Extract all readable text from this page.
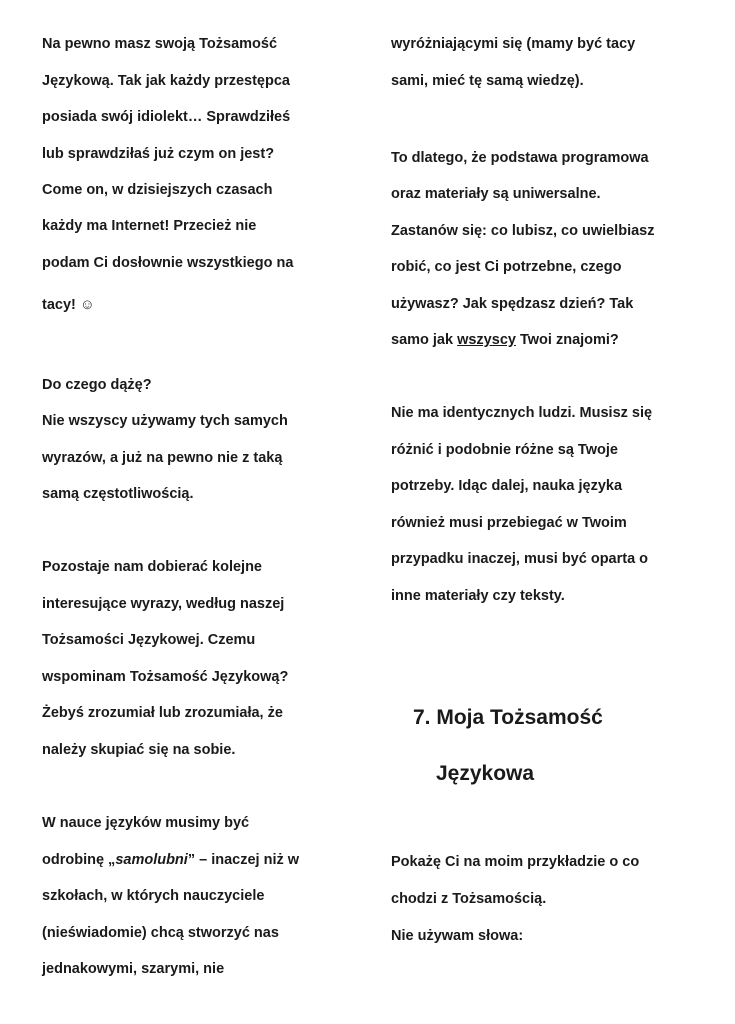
Na pewno masz swoją Tożsamość
Językową. Tak jak każdy przestępca
posiada swój idiolekt… Sprawdziłeś
lub sprawdziłaś już czym on jest?
Come on, w dzisiejszych czasach
każdy ma Internet! Przecież nie
podam Ci dosłownie wszystkiego na
tacy! ☺
Do czego dążę?
Nie wszyscy używamy tych samych
wyrazów, a już na pewno nie z taką
samą częstotliwością.
Pozostaje nam dobierać kolejne
interesujące wyrazy, według naszej
Tożsamości Językowej. Czemu
wspominam Tożsamość Językową?
Żebyś zrozumiał lub zrozumiała, że
należy skupiać się na sobie.
W nauce języków musimy być
odrobinę „samolubni” – inaczej niż w
szkołach, w których nauczyciele
(nieświadomie) chcą stworzyć nas
jednakowymi, szarymi, nie
wyróżniającymi się (mamy być tacy
sami, mieć tę samą wiedzę).
To dlatego, że podstawa programowa
oraz materiały są uniwersalne.
Zastanów się: co lubisz, co uwielbiasz
robić, co jest Ci potrzebne, czego
używasz? Jak spędzasz dzień? Tak
samo jak wszyscy Twoi znajomi?
Nie ma identycznych ludzi. Musisz się
różnić i podobnie różne są Twoje
potrzeby. Idąc dalej, nauka języka
również musi przebiegać w Twoim
przypadku inaczej, musi być oparta o
inne materiały czy teksty.
7. Moja Tożsamość
Językowa
Pokażę Ci na moim przykładzie o co
chodzi z Tożsamością.
Nie używam słowa:
